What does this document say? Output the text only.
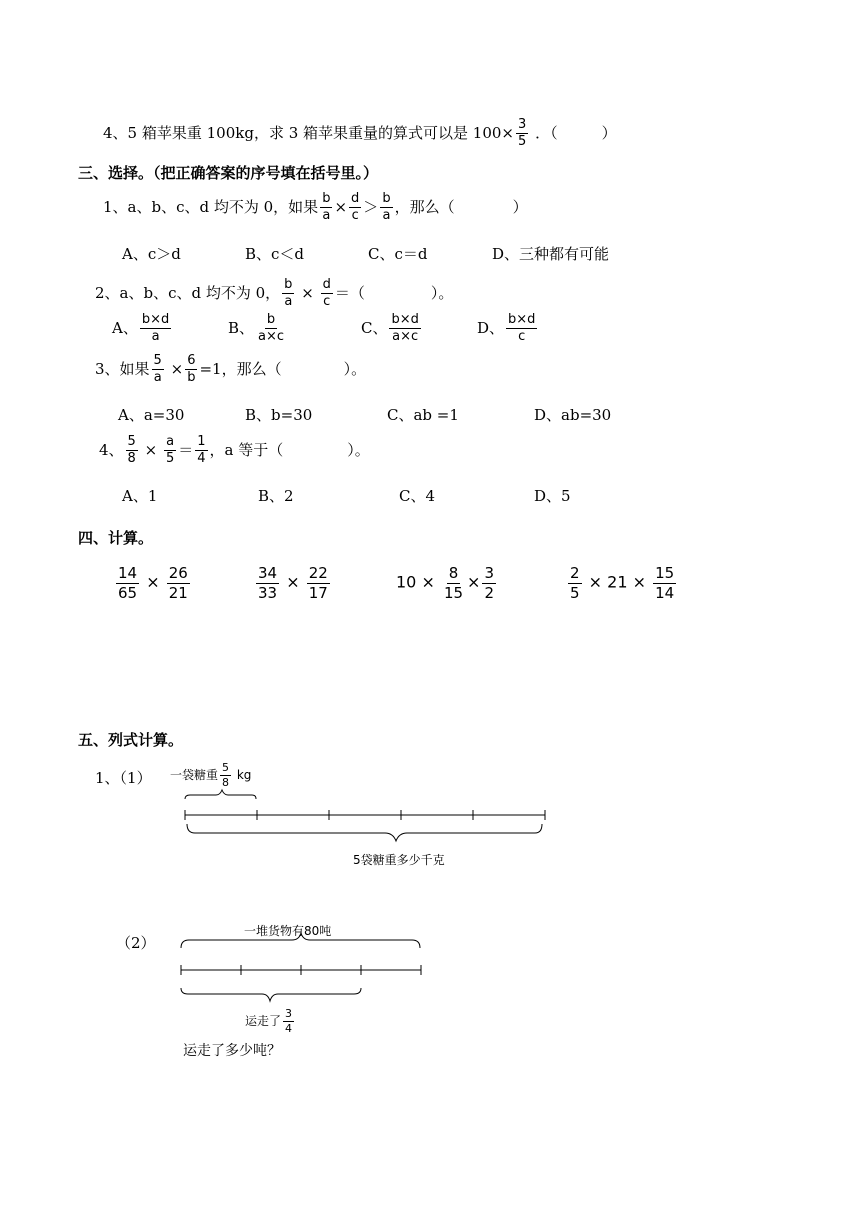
4、5 箱苹果重 100kg，求 3 箱苹果重量的算式可以是 $100\times \frac{3}{5}$ ．（	）
三、选择。（把正确答案的序号填在括号里。）
1、a、b、c、d 均不为 0，如果 $\frac{b}{a} \times \frac{d}{c} > \frac{b}{a}$ ，那么（	）
A、c＞d	B、c＜d	C、c＝d	D、三种都有可能
2、a、b、c、d 均不为 0， $\frac{b}{a} \times \frac{d}{c}$ ＝（	）。
A、 $\frac{b\times d}{a}$	B、 $\frac{b}{a\times c}$	C、 $\frac{b\times d}{a\times c}$	D、 $\frac{b\times d}{c}$
3、如果 $\frac{5}{a} \times \frac{6}{b} =1$，那么（	）。
A、a=30	B、b=30	C、ab =1	D、ab=30
4、 $\frac{5}{8} \times \frac{a}{5} = \frac{1}{4}$ ，a 等于（	）。
A、1	B、2	C、4	D、5
四、计算。
$\frac{14}{65} \times \frac{26}{21}$	$\frac{34}{33} \times \frac{22}{17}$	$10 \times \frac{8}{15} \times \frac{3}{2}$	$\frac{2}{5} \times 21 \times \frac{15}{14}$
五、列式计算。
1、（1） 一袋糖重 $\frac{5}{8}$ kg
5袋糖重多少千克
（2）
一堆货物有80吨
运走了 $\frac{3}{4}$
运走了多少吨？
